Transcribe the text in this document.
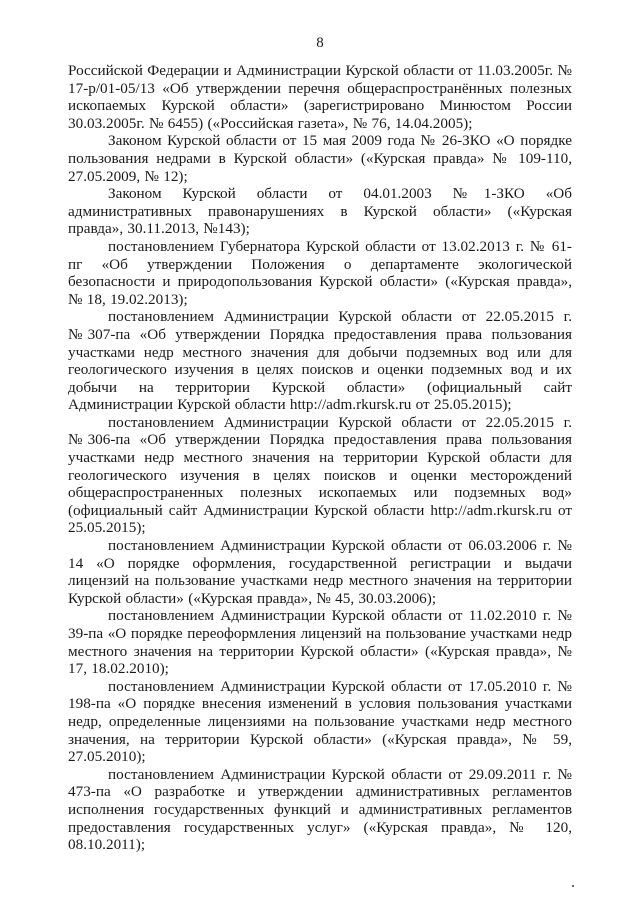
8

Российской Федерации и Администрации Курской области от 11.03.2005г. № 17-р/01-05/13 «Об утверждении перечня общераспространённых полезных ископаемых Курской области» (зарегистрировано Минюстом России 30.03.2005г. № 6455) («Российская газета», № 76, 14.04.2005);

Законом Курской области от 15 мая 2009 года № 26-ЗКО «О порядке пользования недрами в Курской области» («Курская правда» № 109-110, 27.05.2009, № 12);

Законом Курской области от 04.01.2003 №1-ЗКО «Об административных правонарушениях в Курской области» («Курская правда», 30.11.2013, №143);

постановлением Губернатора Курской области от 13.02.2013 г. № 61-пг «Об утверждении Положения о департаменте экологической безопасности и природопользования Курской области» («Курская правда», № 18, 19.02.2013);

постановлением Администрации Курской области от 22.05.2015 г. №307-па «Об утверждении Порядка предоставления права пользования участками недр местного значения для добычи подземных вод или для геологического изучения в целях поисков и оценки подземных вод и их добычи на территории Курской области» (официальный сайт Администрации Курской области http://adm.rkursk.ru от 25.05.2015);

постановлением Администрации Курской области от 22.05.2015 г. №306-па «Об утверждении Порядка предоставления права пользования участками недр местного значения на территории Курской области для геологического изучения в целях поисков и оценки месторождений общераспространенных полезных ископаемых или подземных вод» (официальный сайт Администрации Курской области http://adm.rkursk.ru от 25.05.2015);

постановлением Администрации Курской области от 06.03.2006 г. № 14 «О порядке оформления, государственной регистрации и выдачи лицензий на пользование участками недр местного значения на территории Курской области» («Курская правда», № 45, 30.03.2006);

постановлением Администрации Курской области от 11.02.2010 г. № 39-па «О порядке переоформления лицензий на пользование участками недр местного значения на территории Курской области» («Курская правда», № 17, 18.02.2010);

постановлением Администрации Курской области от 17.05.2010 г. № 198-па «О порядке внесения изменений в условия пользования участками недр, определенные лицензиями на пользование участками недр местного значения, на территории Курской области» («Курская правда», № 59, 27.05.2010);

постановлением Администрации Курской области от 29.09.2011 г. № 473-па «О разработке и утверждении административных регламентов исполнения государственных функций и административных регламентов предоставления государственных услуг» («Курская правда», № 120, 08.10.2011);
